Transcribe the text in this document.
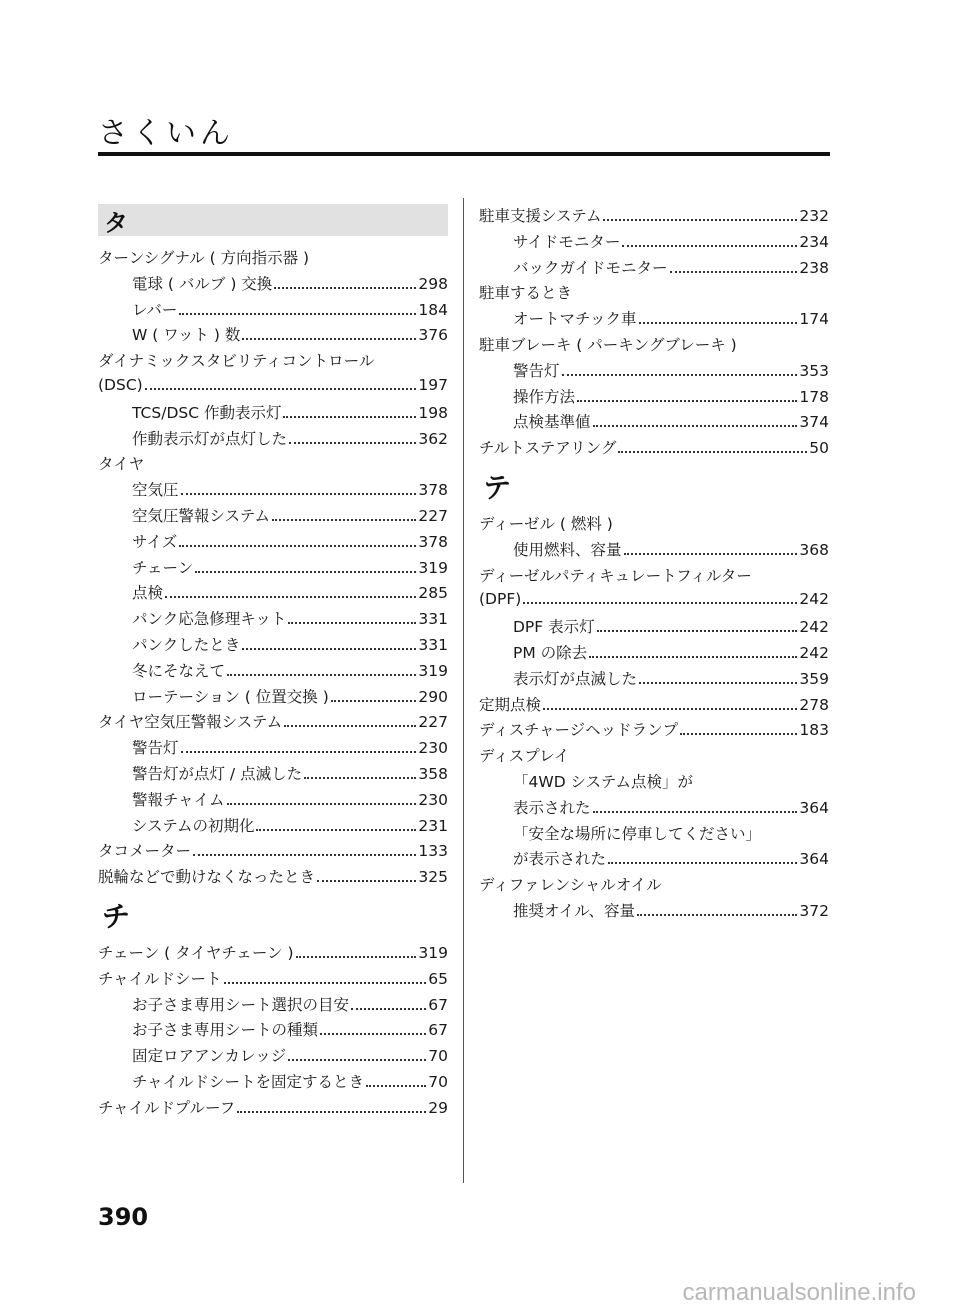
さくいん
タ
ターンシグナル ( 方向指示器 )
電球 ( バルブ ) 交換	298
レバー	184
W ( ワット ) 数	376
ダイナミックスタビリティコントロール
(DSC)	197
TCS/DSC 作動表示灯	198
作動表示灯が点灯した	362
タイヤ
空気圧	378
空気圧警報システム	227
サイズ	378
チェーン	319
点検	285
パンク応急修理キット	331
パンクしたとき	331
冬にそなえて	319
ローテーション ( 位置交換 )	290
タイヤ空気圧警報システム	227
警告灯	230
警告灯が点灯 / 点滅した	358
警報チャイム	230
システムの初期化	231
タコメーター	133
脱輪などで動けなくなったとき	325
チ
チェーン ( タイヤチェーン )	319
チャイルドシート	65
お子さま専用シート選択の目安	67
お子さま専用シートの種類	67
固定ロアアンカレッジ	70
チャイルドシートを固定するとき	70
チャイルドプルーフ	29
駐車支援システム	232
サイドモニター	234
バックガイドモニター	238
駐車するとき
オートマチック車	174
駐車ブレーキ ( パーキングブレーキ )
警告灯	353
操作方法	178
点検基準値	374
チルトステアリング	50
テ
ディーゼル ( 燃料 )
使用燃料、容量	368
ディーゼルパティキュレートフィルター
(DPF)	242
DPF 表示灯	242
PM の除去	242
表示灯が点滅した	359
定期点検	278
ディスチャージヘッドランプ	183
ディスプレイ
「4WD システム点検」が
表示された	364
「安全な場所に停車してください」
が表示された	364
ディファレンシャルオイル
推奨オイル、容量	372
390
carmanualsonline.info
